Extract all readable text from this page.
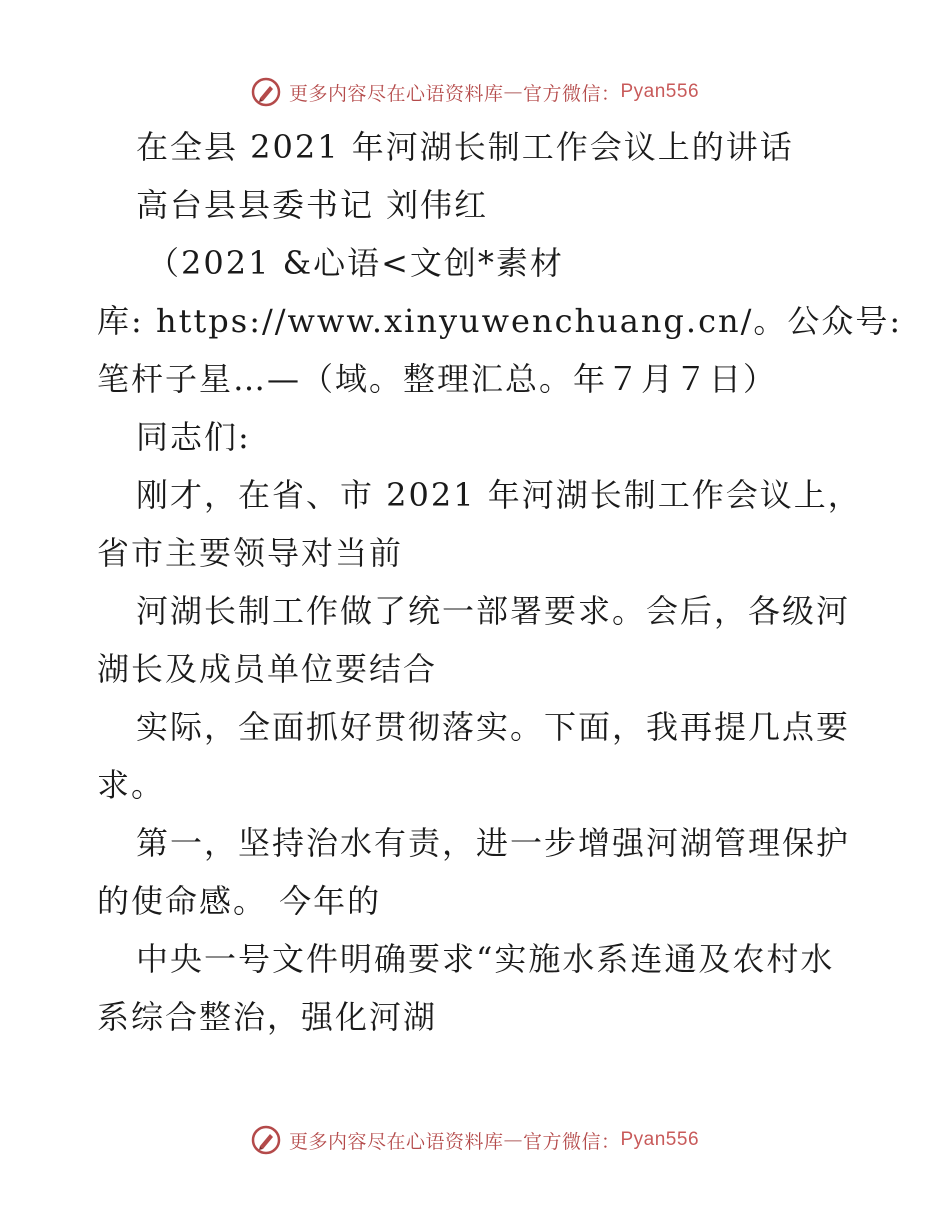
更多内容尽在心语资料库 — 官方微信： Pyan556
在全县 2021 年河湖长制工作会议上的讲话
高台县县委书记 刘伟红
（2021 &心语<文创*素材
库: https://www.xinyuwenchuang.cn/。公众号:
笔杆子星…—（域。整理汇总。年７月７日）
同志们:
刚才，在省、市 2021 年河湖长制工作会议上，
省市主要领导对当前
河湖长制工作做了统一部署要求。会后，各级河
湖长及成员单位要结合
实际，全面抓好贯彻落实。下面，我再提几点要
求。
第一，坚持治水有责，进一步增强河湖管理保护
的使命感。 今年的
中央一号文件明确要求“实施水系连通及农村水
系综合整治，强化河湖
更多内容尽在心语资料库 — 官方微信： Pyan556
